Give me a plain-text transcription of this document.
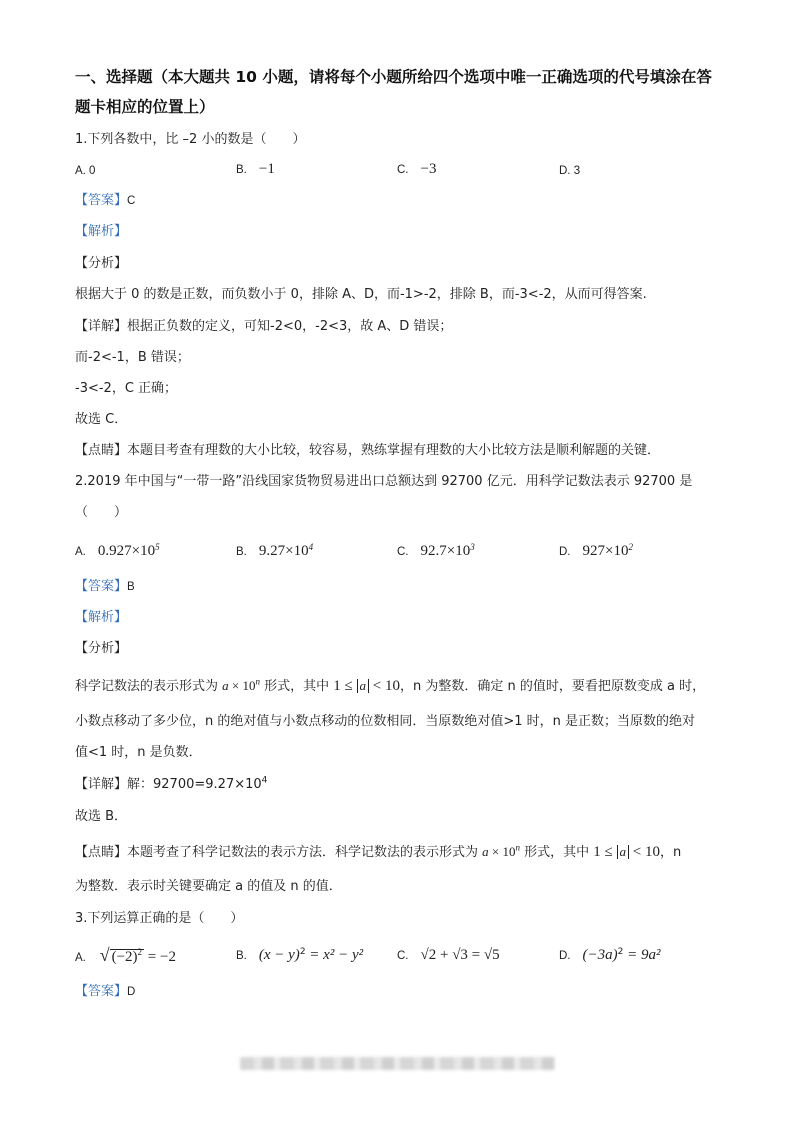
一、选择题（本大题共 10 小题，请将每个小题所给四个选项中唯一正确选项的代号填涂在答
题卡相应的位置上）
1.下列各数中，比 –2 小的数是（　　）
A. 0	B. −1	C. −3	D. 3
【答案】C
【解析】
【分析】
根据大于 0 的数是正数，而负数小于 0，排除 A、D，而-1>-2，排除 B，而-3<-2，从而可得答案.
【详解】根据正负数的定义，可知-2<0，-2<3，故 A、D 错误；
而-2<-1，B 错误；
-3<-2，C 正确；
故选 C．
【点睛】本题目考查有理数的大小比较，较容易，熟练掌握有理数的大小比较方法是顺利解题的关键．
2.2019 年中国与“一带一路”沿线国家货物贸易进出口总额达到 92700 亿元．用科学记数法表示 92700 是
（　　）
A. $0.927\times 10^5$	B. $9.27\times 10^4$	C. $92.7\times 10^3$	D. $927\times 10^2$
【答案】B
【解析】
【分析】
科学记数法的表示形式为 $a \times 10^n$ 形式，其中 1 ≤ a < 10，n 为整数．确定 n 的值时，要看把原数变成 a 时，
小数点移动了多少位，n 的绝对值与小数点移动的位数相同．当原数绝对值>1 时，n 是正数；当原数的绝对
值<1 时，n 是负数．
【详解】解：$92700=9.27\times 10^4$
故选 B．
【点睛】本题考查了科学记数法的表示方法．科学记数法的表示形式为 $a \times 10^n$ 形式，其中 1 ≤ a < 10，n
为整数．表示时关键要确定 a 的值及 n 的值．
3.下列运算正确的是（　　）
A. √ $(-2)^2 = -2$	B. $(x - y)^2 = x^2 - y^2$	C. √2 + √3 = √5	D. $(-3a)^2 = 9a^2$
【答案】D
